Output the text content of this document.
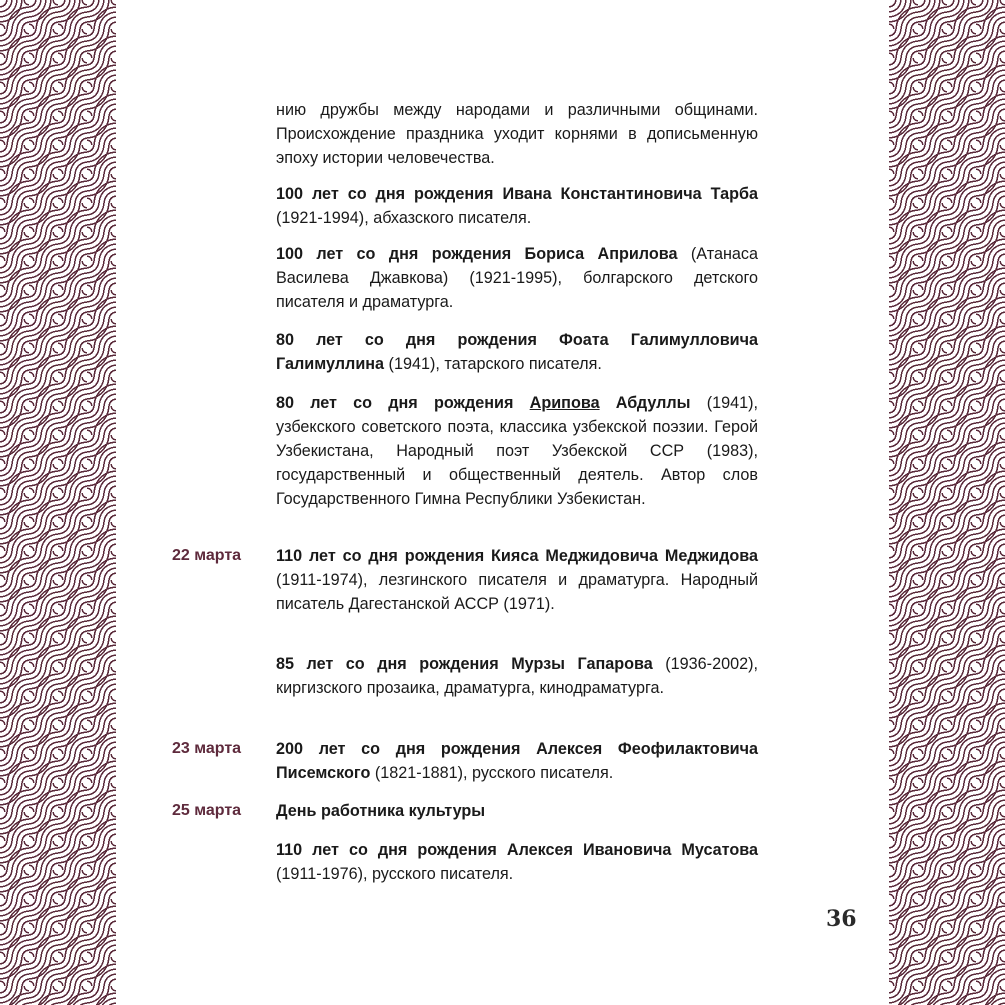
нию дружбы между народами и различными общинами. Происхождение праздника уходит корнями в дописьменную эпоху истории человечества.

100 лет со дня рождения Ивана Константиновича Тарба (1921-1994), абхазского писателя.

100 лет со дня рождения Бориса Априлова (Атанаса Василева Джавкова) (1921-1995), болгарского детского писателя и драматурга.

80 лет со дня рождения Фоата Галимулловича Галимуллина (1941), татарского писателя.

80 лет со дня рождения Арипова Абдуллы (1941), узбекского советского поэта, классика узбекской поэзии. Герой Узбекистана, Народный поэт Узбекской ССР (1983), государственный и общественный деятель. Автор слов Государственного Гимна Республики Узбекистан.

22 марта	110 лет со дня рождения Кияса Меджидовича Меджидова (1911-1974), лезгинского писателя и драматурга. Народный писатель Дагестанской АССР (1971).

85 лет со дня рождения Мурзы Гапарова (1936-2002), киргизского прозаика, драматурга, кинодраматурга.

23 марта	200 лет со дня рождения Алексея Феофилактовича Писемского (1821-1881), русского писателя.

25 марта	День работника культуры

110 лет со дня рождения Алексея Ивановича Мусатова (1911-1976), русского писателя.

36
